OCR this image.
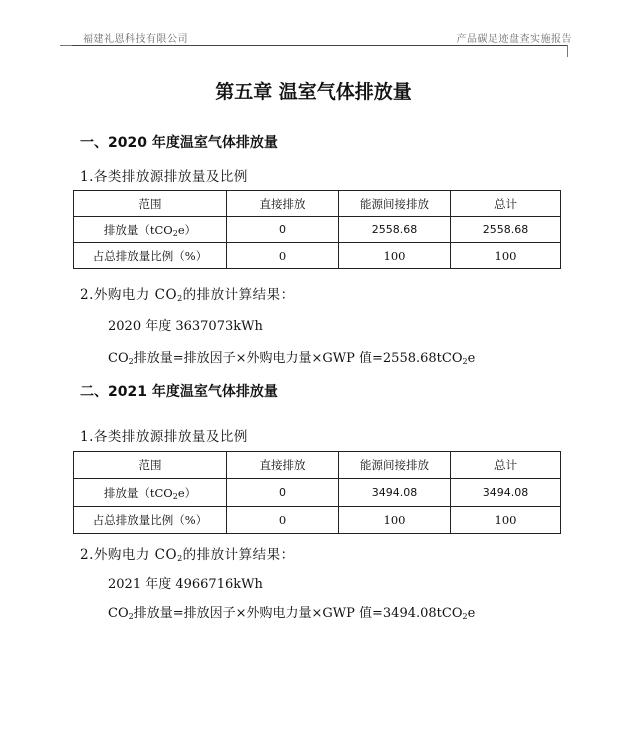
福建礼恩科技有限公司	产品碳足迹盘查实施报告
第五章 温室气体排放量
一、2020 年度温室气体排放量
1.各类排放源排放量及比例
范围	直接排放	能源间接排放	总计
排放量（tCO$_2$e）	0	2558.68	2558.68
占总排放量比例（%）	0	100	100
2.外购电力 $CO_2$的排放计算结果：
2020 年度 3637073kWh
$CO_2$排放量=排放因子×外购电力量×GWP 值=2558.68tCO$_2$e
二、2021 年度温室气体排放量
1.各类排放源排放量及比例
范围	直接排放	能源间接排放	总计
排放量（tCO$_2$e）	0	3494.08	3494.08
占总排放量比例（%）	0	100	100
2.外购电力 $CO_2$的排放计算结果：
2021 年度 4966716kWh
$CO_2$排放量=排放因子×外购电力量×GWP 值=3494.08tCO$_2$e
